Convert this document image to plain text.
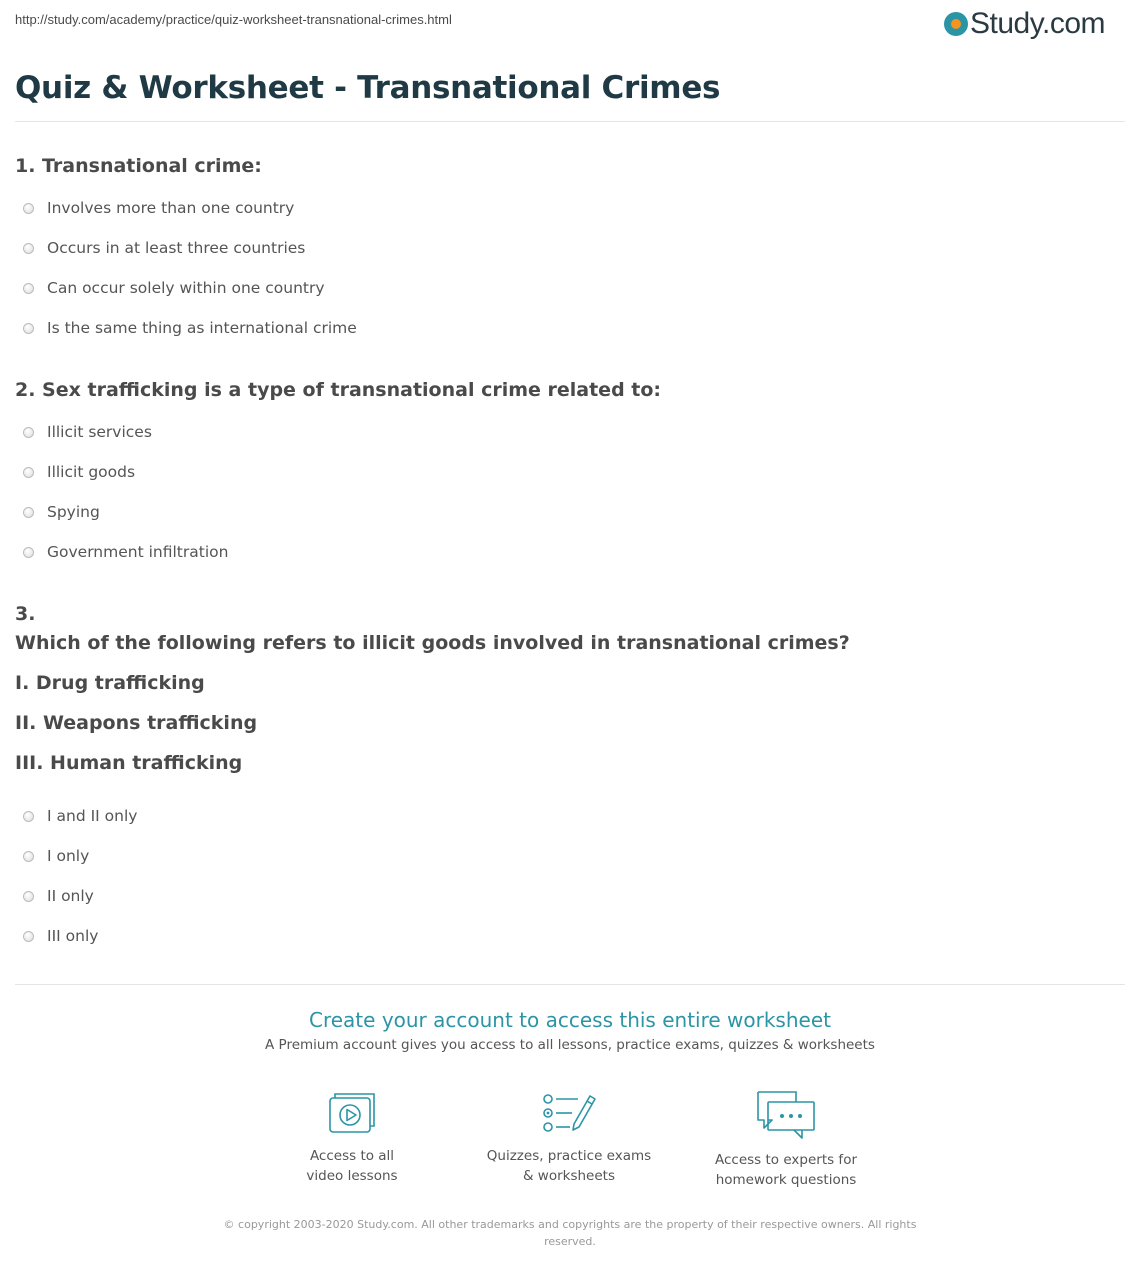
http://study.com/academy/practice/quiz-worksheet-transnational-crimes.html	Study.com
Quiz & Worksheet - Transnational Crimes
1. Transnational crime:
Involves more than one country
Occurs in at least three countries
Can occur solely within one country
Is the same thing as international crime
2. Sex trafficking is a type of transnational crime related to:
Illicit services
Illicit goods
Spying
Government infiltration
3.
Which of the following refers to illicit goods involved in transnational crimes?
I. Drug trafficking
II. Weapons trafficking
III. Human trafficking
I and II only
I only
II only
III only
Create your account to access this entire worksheet
A Premium account gives you access to all lessons, practice exams, quizzes & worksheets
Access to all
video lessons
Quizzes, practice exams
& worksheets
Access to experts for
homework questions
© copyright 2003-2020 Study.com. All other trademarks and copyrights are the property of their respective owners. All rights
reserved.
